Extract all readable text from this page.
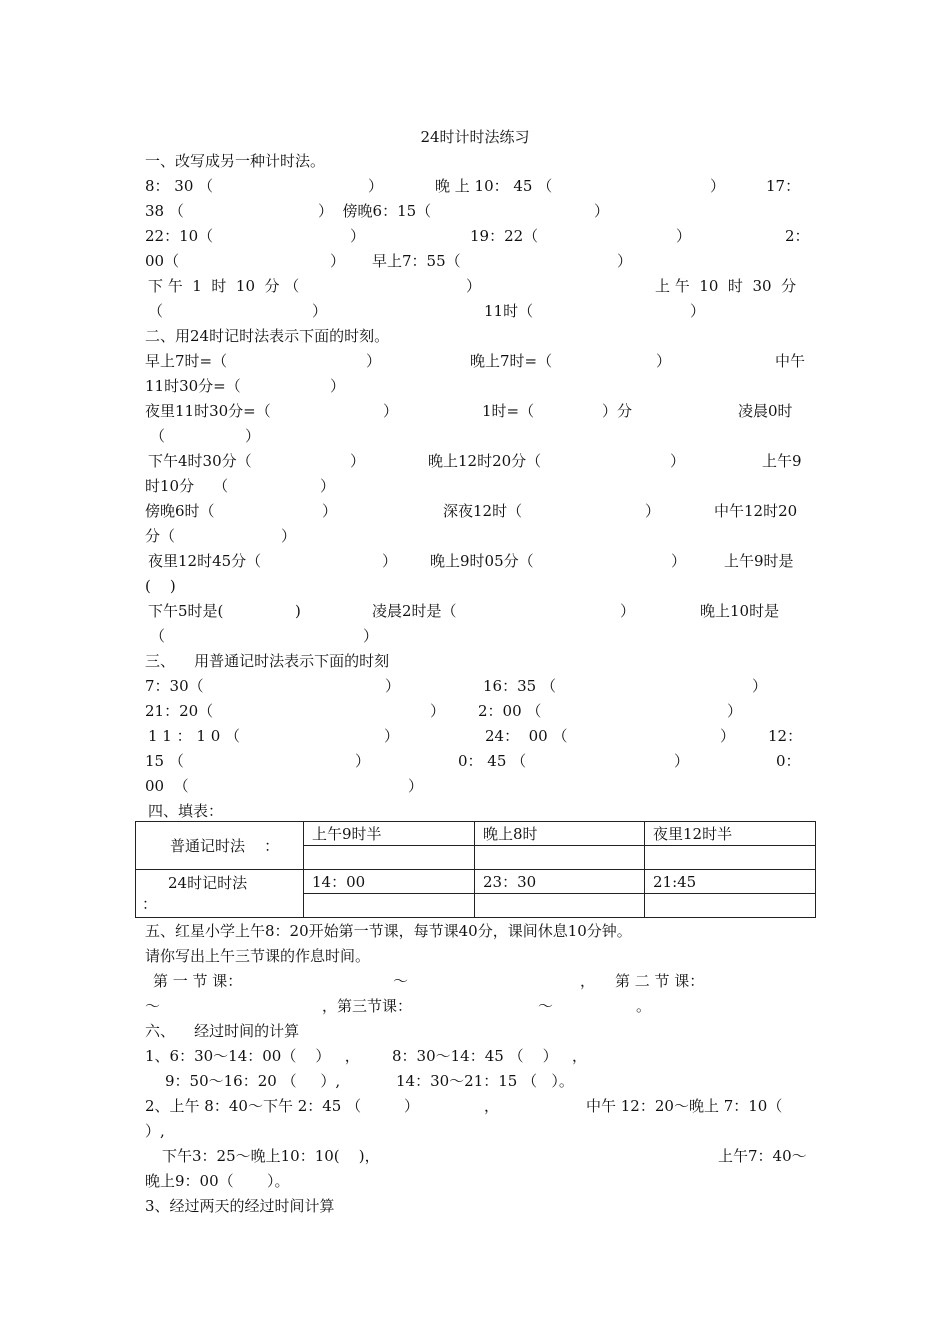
24时计时法练习
一、改写成另一种计时法。
8： 30 （	）	晚 上 10： 45 （	）	17：
38 （	）  傍晚6：15（	）
22：10（	）	19：22（	）	2：
00（	） 早上7：55（	）
下 午  1  时  10  分 （	）	上 午  10  时  30  分
（	）	11时（	）
二、用24时记时法表示下面的时刻。
早上7时=（	）	晚上7时=（	）	中午
11时30分=（	）
夜里11时30分=（	）	1时=（	）分	凌晨0时
（	）
下午4时30分（	）	晚上12时20分（	）	上午9
时10分    （	）
傍晚6时（	）	深夜12时（	）	中午12时20
分（	）
夜里12时45分（	） 晚上9时05分（	）	上午9时是
(    )
下午5时是(	)	凌晨2时是（	）	晚上10时是
（	）
三、    用普通记时法表示下面的时刻
7：30（	）	16：35 （	）
21：20（	） 2：00 （	）
1 1 ： 1 0 （	）	24：  00 （	） 12：
15 （	）	0： 45 （	）	0：
00  （	）
四、填表：
普通记时法    ：	上午9时半	晚上8时	夜里12时半

24时记时法
：	14：00	23：30	21:45

五、红星小学上午8：20开始第一节课，每节课40分，课间休息10分钟。
请你写出上午三节课的作息时间。
第 一 节 课：	～	， 第 二 节 课：
～	，第三节课：	～	。
六、    经过时间的计算
1、6：30～14：00（    ）   ， 8：30～14：45 （    ）   ，
9：50～16：20 （     ）,	14：30～21：15 （   ）。
2、上午 8：40～下午 2：45 （         ）	，	中午 12：20～晚上 7：10（
）,
下午3：25～晚上10：10(    )，	上午7：40～
晚上9：00（       ）。
3、经过两天的经过时间计算
